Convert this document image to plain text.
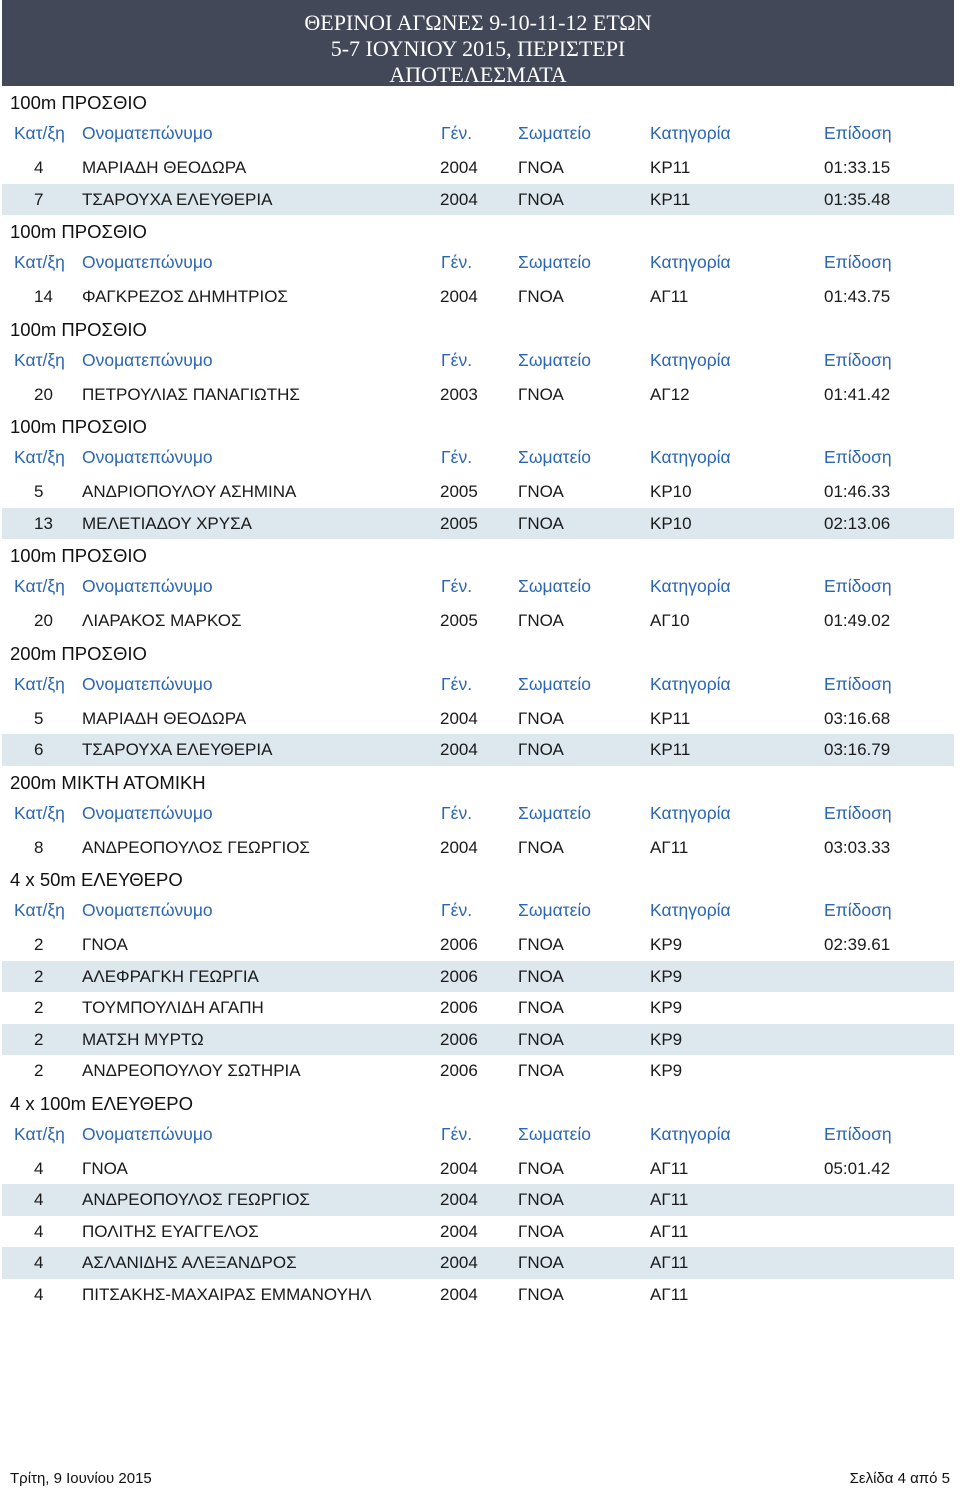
ΘΕΡΙΝΟΙ ΑΓΩΝΕΣ 9-10-11-12 ΕΤΩΝ
5-7 ΙΟΥΝΙΟΥ 2015, ΠΕΡΙΣΤΕΡΙ
ΑΠΟΤΕΛΕΣΜΑΤΑ
100m ΠΡΟΣΘΙΟ
Κατ/ξη Ονοματεπώνυμο	Γέν.	Σωματείο	Κατηγορία	Επίδοση
4 ΜΑΡΙΑΔΗ ΘΕΟΔΩΡΑ	2004 ΓΝΟΑ	ΚΡ11	01:33.15
7 ΤΣΑΡΟΥΧΑ ΕΛΕΥΘΕΡΙΑ	2004 ΓΝΟΑ	ΚΡ11	01:35.48
100m ΠΡΟΣΘΙΟ
Κατ/ξη Ονοματεπώνυμο	Γέν.	Σωματείο	Κατηγορία	Επίδοση
14 ΦΑΓΚΡΕΖΟΣ ΔΗΜΗΤΡΙΟΣ	2004 ΓΝΟΑ	ΑΓ11	01:43.75
100m ΠΡΟΣΘΙΟ
Κατ/ξη Ονοματεπώνυμο	Γέν.	Σωματείο	Κατηγορία	Επίδοση
20 ΠΕΤΡΟΥΛΙΑΣ ΠΑΝΑΓΙΩΤΗΣ	2003 ΓΝΟΑ	ΑΓ12	01:41.42
100m ΠΡΟΣΘΙΟ
Κατ/ξη Ονοματεπώνυμο	Γέν.	Σωματείο	Κατηγορία	Επίδοση
5 ΑΝΔΡΙΟΠΟΥΛΟΥ ΑΣΗΜΙΝΑ	2005 ΓΝΟΑ	ΚΡ10	01:46.33
13 ΜΕΛΕΤΙΑΔΟΥ ΧΡΥΣΑ	2005 ΓΝΟΑ	ΚΡ10	02:13.06
100m ΠΡΟΣΘΙΟ
Κατ/ξη Ονοματεπώνυμο	Γέν.	Σωματείο	Κατηγορία	Επίδοση
20 ΛΙΑΡΑΚΟΣ ΜΑΡΚΟΣ	2005 ΓΝΟΑ	ΑΓ10	01:49.02
200m ΠΡΟΣΘΙΟ
Κατ/ξη Ονοματεπώνυμο	Γέν.	Σωματείο	Κατηγορία	Επίδοση
5 ΜΑΡΙΑΔΗ ΘΕΟΔΩΡΑ	2004 ΓΝΟΑ	ΚΡ11	03:16.68
6 ΤΣΑΡΟΥΧΑ ΕΛΕΥΘΕΡΙΑ	2004 ΓΝΟΑ	ΚΡ11	03:16.79
200m ΜΙΚΤΗ ΑΤΟΜΙΚΗ
Κατ/ξη Ονοματεπώνυμο	Γέν.	Σωματείο	Κατηγορία	Επίδοση
8 ΑΝΔΡΕΟΠΟΥΛΟΣ ΓΕΩΡΓΙΟΣ	2004 ΓΝΟΑ	ΑΓ11	03:03.33
4 x 50m ΕΛΕΥΘΕΡΟ
Κατ/ξη Ονοματεπώνυμο	Γέν.	Σωματείο	Κατηγορία	Επίδοση
2 ΓΝΟΑ	2006 ΓΝΟΑ	ΚΡ9	02:39.61
2 ΑΛΕΦΡΑΓΚΗ ΓΕΩΡΓΙΑ	2006 ΓΝΟΑ	ΚΡ9
2 ΤΟΥΜΠΟΥΛΙΔΗ ΑΓΑΠΗ	2006 ΓΝΟΑ	ΚΡ9
2 ΜΑΤΣΗ ΜΥΡΤΩ	2006 ΓΝΟΑ	ΚΡ9
2 ΑΝΔΡΕΟΠΟΥΛΟΥ ΣΩΤΗΡΙΑ	2006 ΓΝΟΑ	ΚΡ9
4 x 100m ΕΛΕΥΘΕΡΟ
Κατ/ξη Ονοματεπώνυμο	Γέν.	Σωματείο	Κατηγορία	Επίδοση
4 ΓΝΟΑ	2004 ΓΝΟΑ	ΑΓ11	05:01.42
4 ΑΝΔΡΕΟΠΟΥΛΟΣ ΓΕΩΡΓΙΟΣ	2004 ΓΝΟΑ	ΑΓ11
4 ΠΟΛΙΤΗΣ ΕΥΑΓΓΕΛΟΣ	2004 ΓΝΟΑ	ΑΓ11
4 ΑΣΛΑΝΙΔΗΣ ΑΛΕΞΑΝΔΡΟΣ	2004 ΓΝΟΑ	ΑΓ11
4 ΠΙΤΣΑΚΗΣ-ΜΑΧΑΙΡΑΣ ΕΜΜΑΝΟΥΗΛ	2004 ΓΝΟΑ	ΑΓ11
Τρίτη, 9 Ιουνίου 2015	Σελίδα 4 από 5
